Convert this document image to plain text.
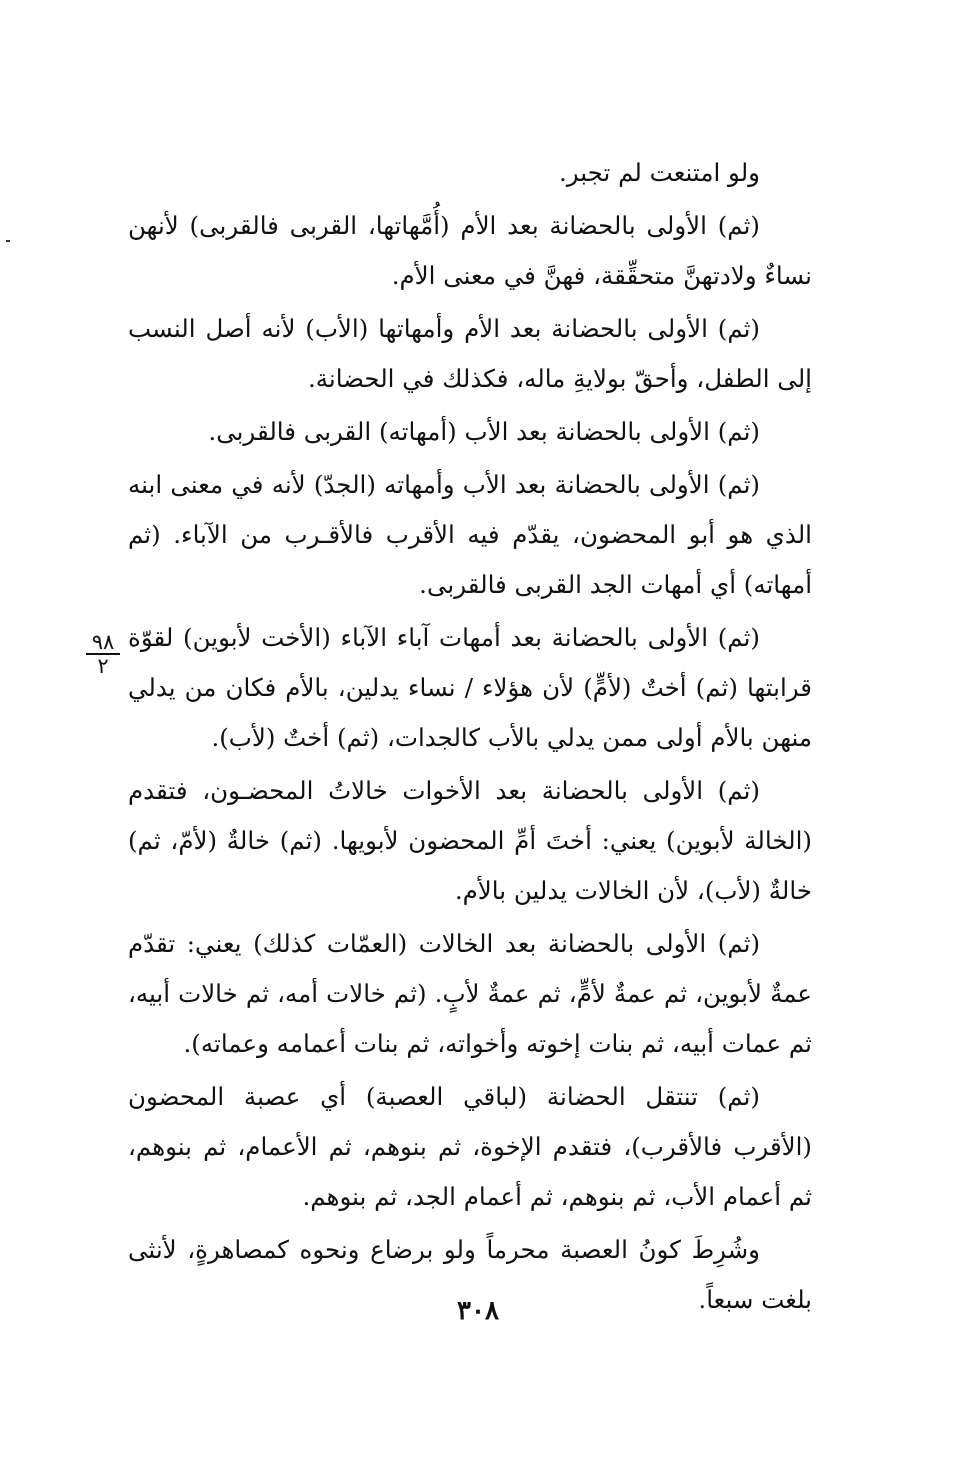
ولو امتنعت لم تجبر.

(ثم) الأولى بالحضانة بعد الأم (أُمَّهاتها، القربى فالقربى) لأنهن نساءٌ ولادتهنَّ متحقِّقة، فهنَّ في معنى الأم.

(ثم) الأولى بالحضانة بعد الأم وأمهاتها (الأب) لأنه أصل النسب إلى الطفل، وأحقّ بولايةِ ماله، فكذلك في الحضانة.

(ثم) الأولى بالحضانة بعد الأب (أمهاته) القربى فالقربى.

(ثم) الأولى بالحضانة بعد الأب وأمهاته (الجدّ) لأنه في معنى ابنه الذي هو أبو المحضون، يقدّم فيه الأقرب فالأقـرب من الآباء. (ثم أمهاته) أي أمهات الجد القربى فالقربى.

(ثم) الأولى بالحضانة بعد أمهات آباء الآباء (الأخت لأبوين) لقوّة قرابتها (ثم) أختٌ (لأمٍّ) لأن هؤلاء / نساء يدلين، بالأم فكان من يدلي منهن بالأم أولى ممن يدلي بالأب كالجدات، (ثم) أختٌ (لأب).

(ثم) الأولى بالحضانة بعد الأخوات خالاتُ المحضـون، فتقدم (الخالة لأبوين) يعني: أختَ أمِّ المحضون لأبويها. (ثم) خالةٌ (لأمّ، ثم) خالةٌ (لأب)، لأن الخالات يدلين بالأم.

(ثم) الأولى بالحضانة بعد الخالات (العمّات كذلك) يعني: تقدّم عمةٌ لأبوين، ثم عمةٌ لأمٍّ، ثم عمةٌ لأبٍ. (ثم خالات أمه، ثم خالات أبيه، ثم عمات أبيه، ثم بنات إخوته وأخواته، ثم بنات أعمامه وعماته).

(ثم) تنتقل الحضانة (لباقي العصبة) أي عصبة المحضون (الأقرب فالأقرب)، فتقدم الإخوة، ثم بنوهم، ثم الأعمام، ثم بنوهم، ثم أعمام الأب، ثم بنوهم، ثم أعمام الجد، ثم بنوهم.

وشُرِطَ كونُ العصبة محرماً ولو برضاع ونحوه كمصاهرةٍ، لأنثى بلغت سبعاً.

٩٨
٢
٣٠٨
